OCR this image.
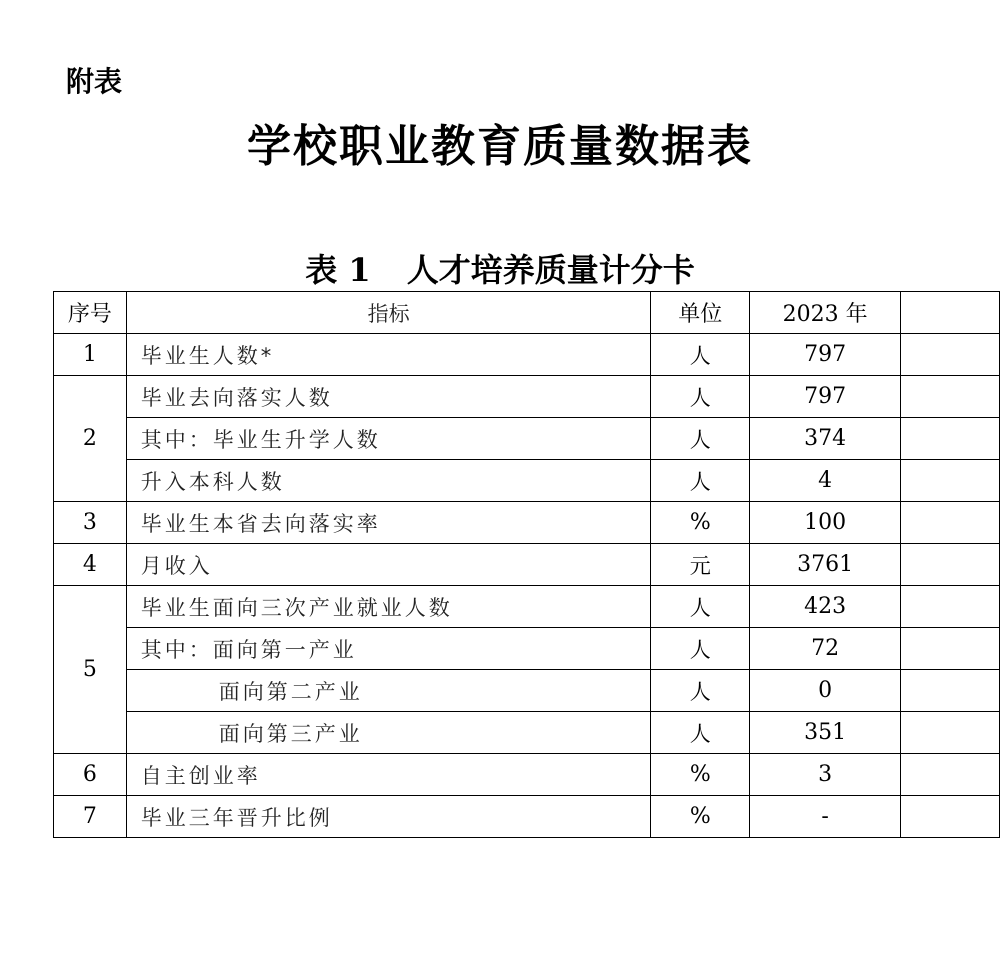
附表
学校职业教育质量数据表
表 1 人才培养质量计分卡
序号	指标	单位	2023 年	
1	毕业生人数*	人	797	
2	毕业去向落实人数	人	797	
	其中：毕业生升学人数	人	374	
	升入本科人数	人	4	
3	毕业生本省去向落实率	%	100	
4	月收入	元	3761	
5	毕业生面向三次产业就业人数	人	423	
	其中：面向第一产业	人	72	
	面向第二产业	人	0	
	面向第三产业	人	351	
6	自主创业率	%	3	
7	毕业三年晋升比例	%	-	
